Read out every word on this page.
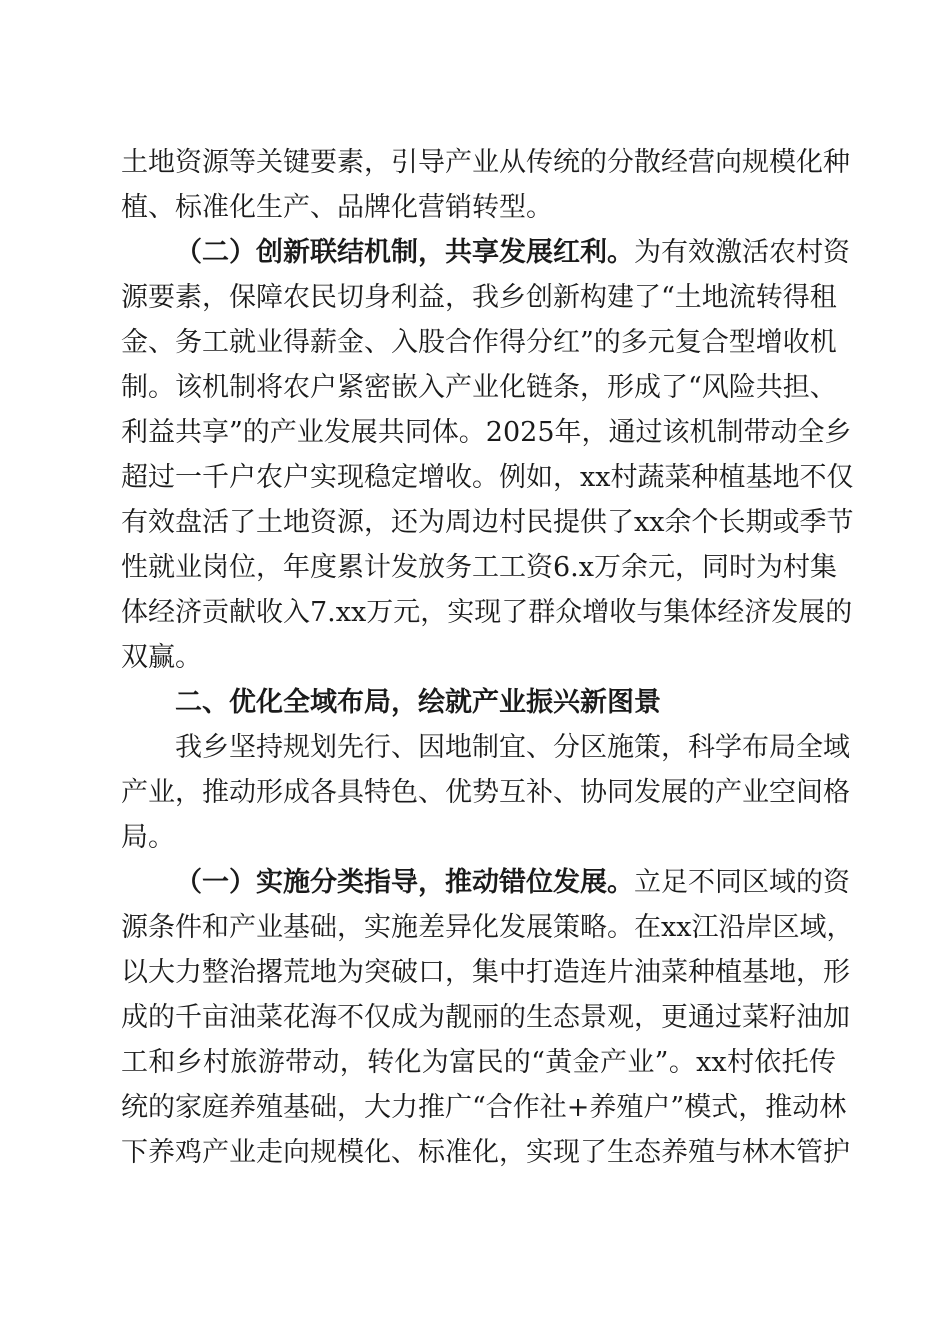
土地资源等关键要素，引导产业从传统的分散经营向规模化种
植、标准化生产、品牌化营销转型。
（二）创新联结机制，共享发展红利。为有效激活农村资
源要素，保障农民切身利益，我乡创新构建了“土地流转得租
金、务工就业得薪金、入股合作得分红”的多元复合型增收机
制。该机制将农户紧密嵌入产业化链条，形成了“风险共担、
利益共享”的产业发展共同体。2025年，通过该机制带动全乡
超过一千户农户实现稳定增收。例如，xx村蔬菜种植基地不仅
有效盘活了土地资源，还为周边村民提供了xx余个长期或季节
性就业岗位，年度累计发放务工工资6.x万余元，同时为村集
体经济贡献收入7.xx万元，实现了群众增收与集体经济发展的
双赢。
二、优化全域布局，绘就产业振兴新图景
我乡坚持规划先行、因地制宜、分区施策，科学布局全域
产业，推动形成各具特色、优势互补、协同发展的产业空间格
局。
（一）实施分类指导，推动错位发展。立足不同区域的资
源条件和产业基础，实施差异化发展策略。在xx江沿岸区域，
以大力整治撂荒地为突破口，集中打造连片油菜种植基地，形
成的千亩油菜花海不仅成为靓丽的生态景观，更通过菜籽油加
工和乡村旅游带动，转化为富民的“黄金产业”。xx村依托传
统的家庭养殖基础，大力推广“合作社+养殖户”模式，推动林
下养鸡产业走向规模化、标准化，实现了生态养殖与林木管护
